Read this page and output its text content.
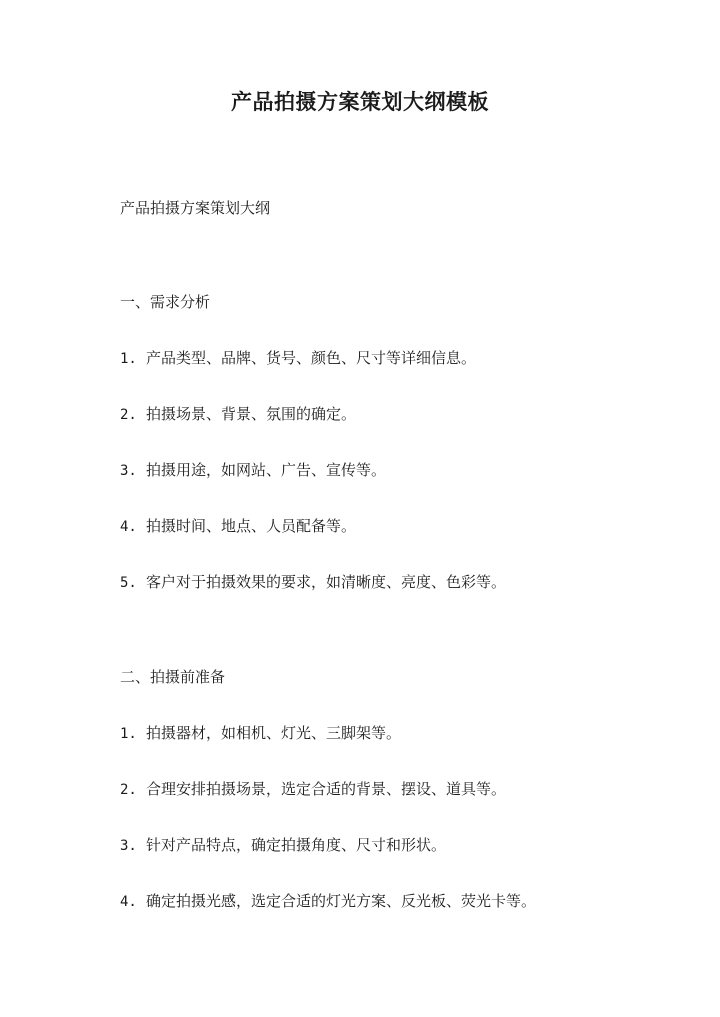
产品拍摄方案策划大纲模板

产品拍摄方案策划大纲

一、需求分析

1. 产品类型、品牌、货号、颜色、尺寸等详细信息。

2. 拍摄场景、背景、氛围的确定。

3. 拍摄用途，如网站、广告、宣传等。

4. 拍摄时间、地点、人员配备等。

5. 客户对于拍摄效果的要求，如清晰度、亮度、色彩等。

二、拍摄前准备

1. 拍摄器材，如相机、灯光、三脚架等。

2. 合理安排拍摄场景，选定合适的背景、摆设、道具等。

3. 针对产品特点，确定拍摄角度、尺寸和形状。

4. 确定拍摄光感，选定合适的灯光方案、反光板、荧光卡等。
